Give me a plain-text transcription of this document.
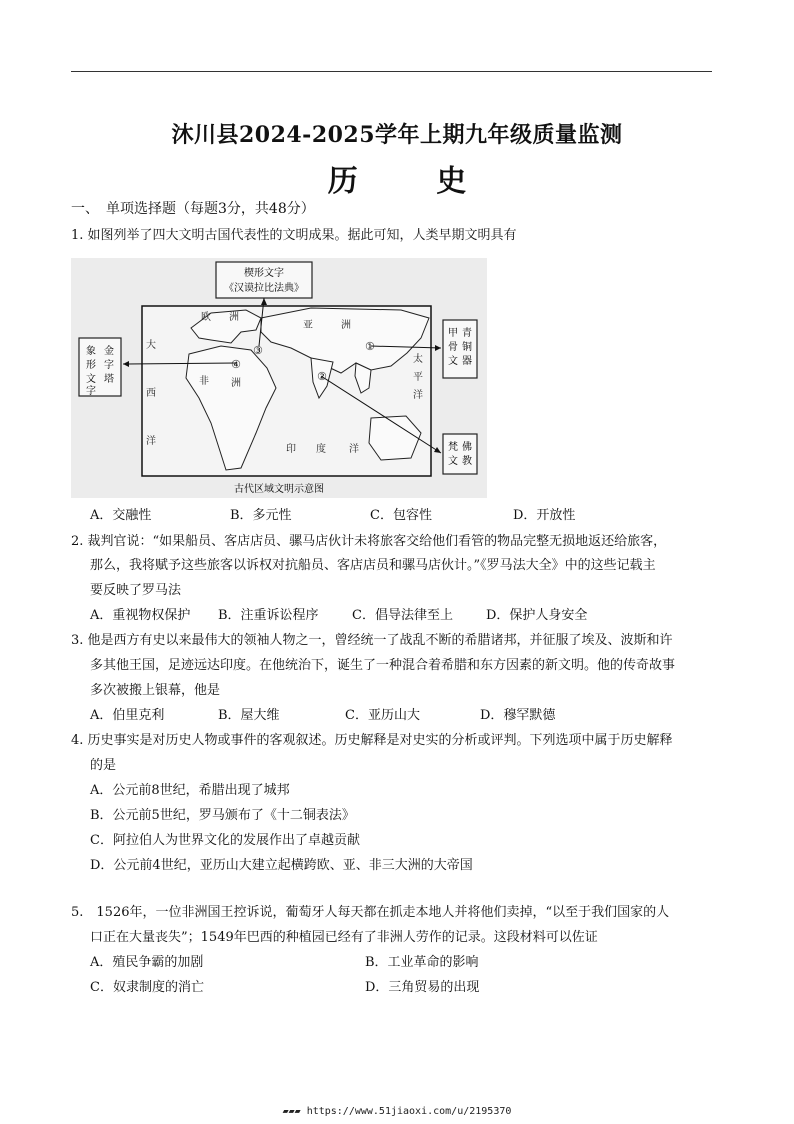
沐川县2024-2025学年上期九年级质量监测
历 史
一、　单项选择题（每题3分，共48分）
1. 如图列举了四大文明古国代表性的文明成果。据此可知，人类早期文明具有
楔形文字
《汉谟拉比法典》
象
形
文
字
金
字
塔
甲
骨
文
青
铜
器
梵
文
佛
教
欧 洲
亚	洲
大
西
洋
非 洲
印 度 洋
太
平
洋
①
②
③
④
古代区域文明示意图
A．交融性	B．多元性	C．包容性	D．开放性
2. 裁判官说：“如果船员、客店店员、骡马店伙计未将旅客交给他们看管的物品完整无损地返还给旅客，
那么，我将赋予这些旅客以诉权对抗船员、客店店员和骡马店伙计。”《罗马法大全》中的这些记载主
要反映了罗马法
A．重视物权保护 B．注重诉讼程序	C．倡导法律至上	D．保护人身安全
3. 他是西方有史以来最伟大的领袖人物之一，曾经统一了战乱不断的希腊诸邦，并征服了埃及、波斯和许
多其他王国，足迹远达印度。在他统治下，诞生了一种混合着希腊和东方因素的新文明。他的传奇故事
多次被搬上银幕，他是
A．伯里克利	B．屋大维	C．亚历山大	D．穆罕默德
4. 历史事实是对历史人物或事件的客观叙述。历史解释是对史实的分析或评判。下列选项中属于历史解释
的是
A．公元前8世纪，希腊出现了城邦
B．公元前5世纪，罗马颁布了《十二铜表法》
C．阿拉伯人为世界文化的发展作出了卓越贡献
D．公元前4世纪，亚历山大建立起横跨欧、亚、非三大洲的大帝国
5.　1526年，一位非洲国王控诉说，葡萄牙人每天都在抓走本地人并将他们卖掉，“以至于我们国家的人
口正在大量丧失”；1549年巴西的种植园已经有了非洲人劳作的记录。这段材料可以佐证
A．殖民争霸的加剧	B．工业革命的影响
C．奴隶制度的消亡	D．三角贸易的出现
▰▰▰ https://www.51jiaoxi.com/u/2195370
